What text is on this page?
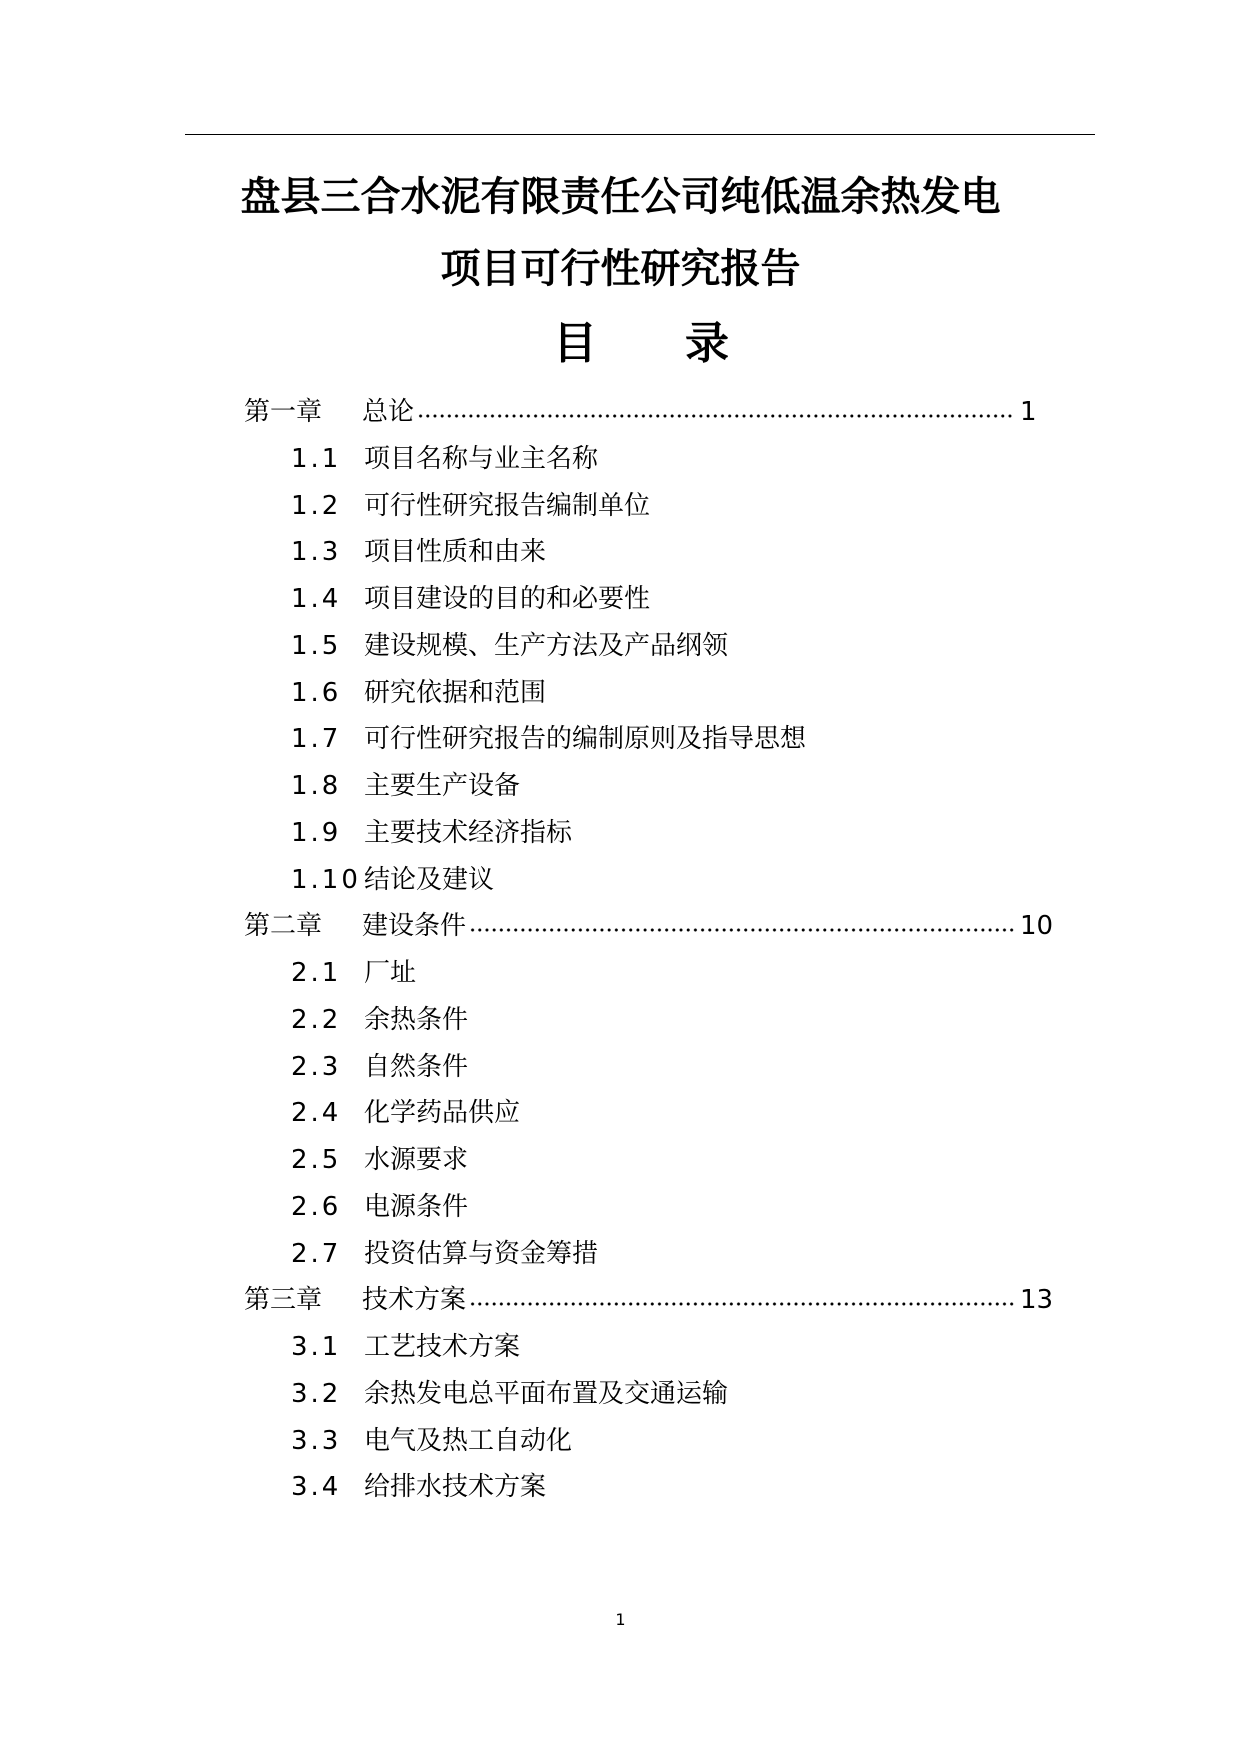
盘县三合水泥有限责任公司纯低温余热发电
项目可行性研究报告
目 录
第一章 总论	1
1.1 项目名称与业主名称
1.2 可行性研究报告编制单位
1.3 项目性质和由来
1.4 项目建设的目的和必要性
1.5 建设规模、生产方法及产品纲领
1.6 研究依据和范围
1.7 可行性研究报告的编制原则及指导思想
1.8 主要生产设备
1.9 主要技术经济指标
1.10 结论及建议
第二章 建设条件	10
2.1 厂址
2.2 余热条件
2.3 自然条件
2.4 化学药品供应
2.5 水源要求
2.6 电源条件
2.7 投资估算与资金筹措
第三章 技术方案	13
3.1 工艺技术方案
3.2 余热发电总平面布置及交通运输
3.3 电气及热工自动化
3.4 给排水技术方案
1
